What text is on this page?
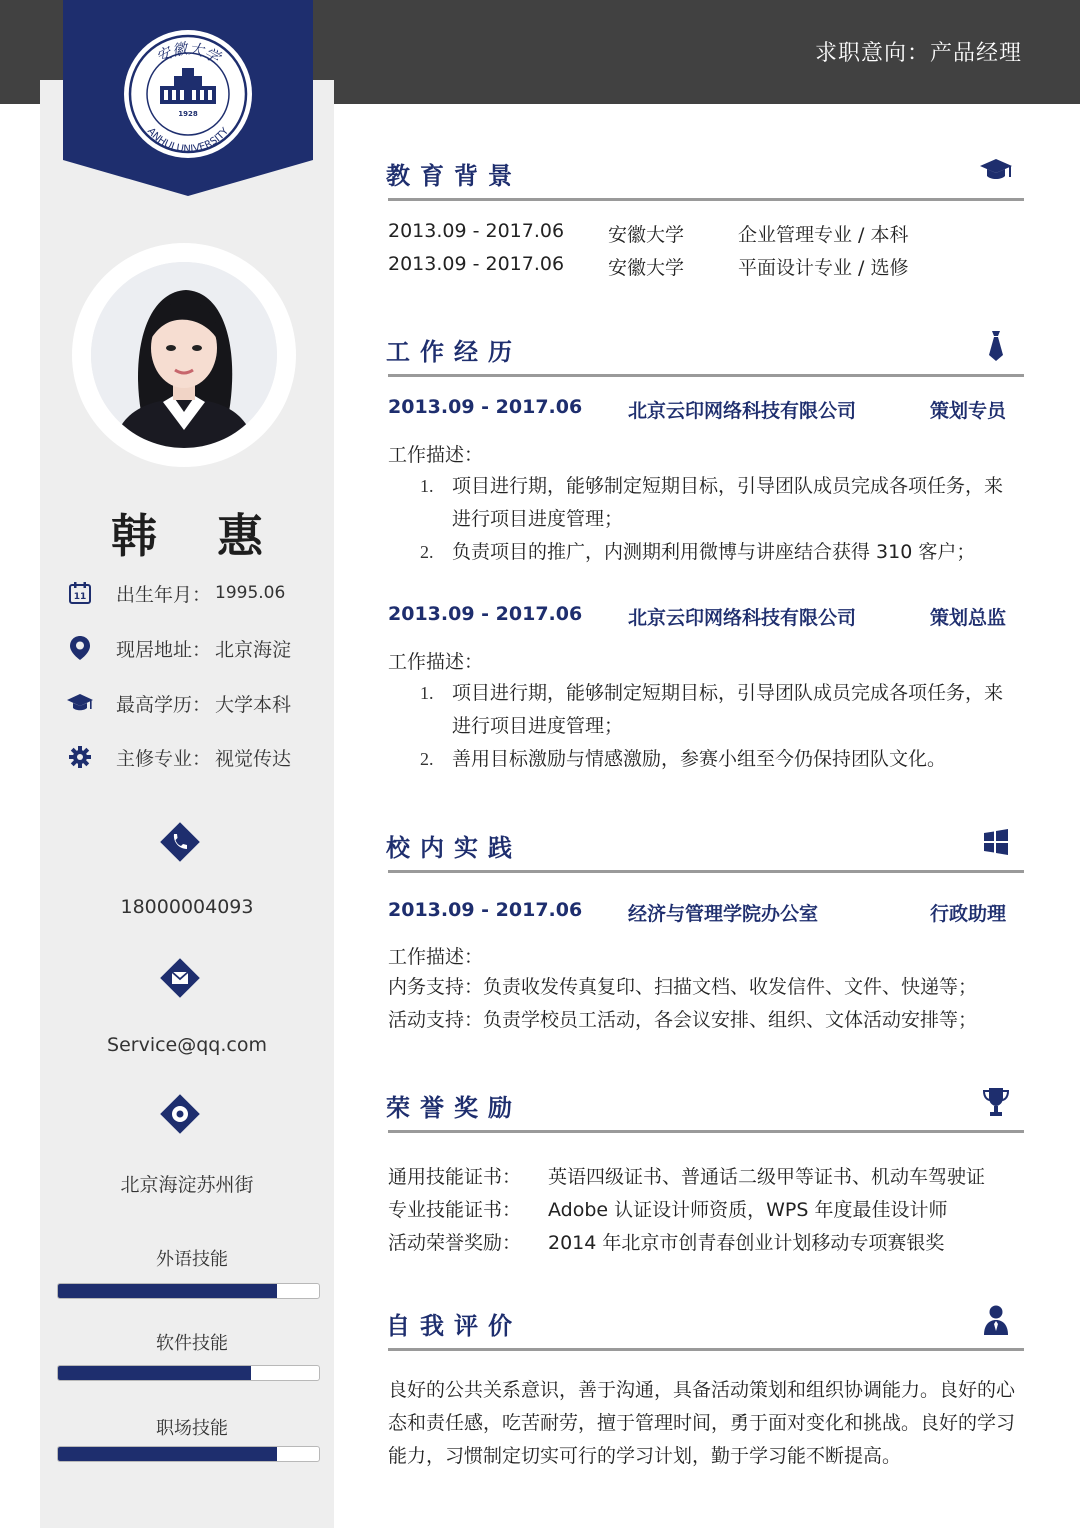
求职意向：产品经理
1928
安徽大学
ANHUI UNIVERSITY
韩 惠
11 出生年月： 1995.06
现居地址： 北京海淀
最高学历： 大学本科
主修专业： 视觉传达
18000004093
Service@qq.com
北京海淀苏州街
外语技能
软件技能
职场技能
教育背景
2013.09 - 2017.06	安徽大学	企业管理专业 / 本科
2013.09 - 2017.06	安徽大学	平面设计专业 / 选修
工作经历
2013.09 - 2017.06 北京云印网络科技有限公司	策划专员
工作描述：
1. 项目进行期，能够制定短期目标，引导团队成员完成各项任务，来进行项目进度管理；
2. 负责项目的推广，内测期利用微博与讲座结合获得 310 客户；
2013.09 - 2017.06 北京云印网络科技有限公司	策划总监
工作描述：
1. 项目进行期，能够制定短期目标，引导团队成员完成各项任务，来进行项目进度管理；
2. 善用目标激励与情感激励，参赛小组至今仍保持团队文化。
校内实践
2013.09 - 2017.06 经济与管理学院办公室	行政助理
工作描述：
内务支持：负责收发传真复印、扫描文档、收发信件、文件、快递等；
活动支持：负责学校员工活动，各会议安排、组织、文体活动安排等；
荣誉奖励
通用技能证书： 英语四级证书、普通话二级甲等证书、机动车驾驶证
专业技能证书： Adobe 认证设计师资质，WPS 年度最佳设计师
活动荣誉奖励： 2014 年北京市创青春创业计划移动专项赛银奖
自我评价
良好的公共关系意识，善于沟通，具备活动策划和组织协调能力。良好的心态和责任感，吃苦耐劳，擅于管理时间，勇于面对变化和挑战。良好的学习能力，习惯制定切实可行的学习计划，勤于学习能不断提高。
